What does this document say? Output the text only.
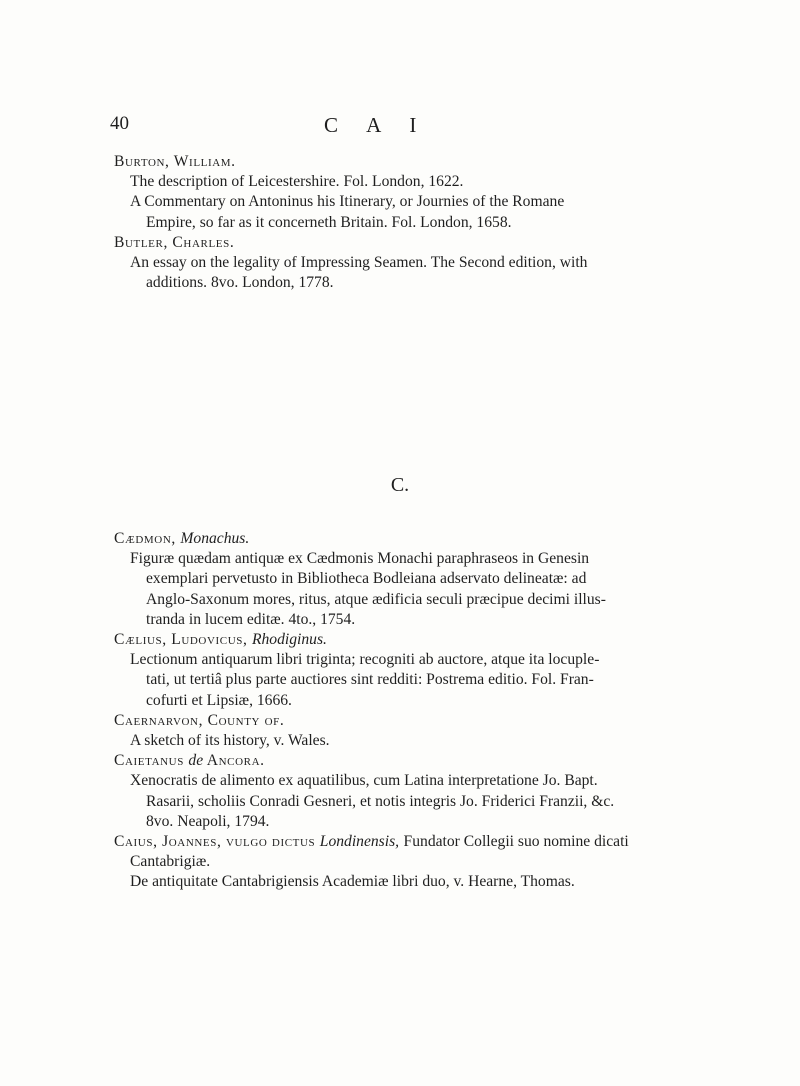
40	C A I
Burton, William.
The description of Leicestershire. Fol. London, 1622.
A Commentary on Antoninus his Itinerary, or Journies of the Romane
Empire, so far as it concerneth Britain. Fol. London, 1658.
Butler, Charles.
An essay on the legality of Impressing Seamen. The Second edition, with
additions. 8vo. London, 1778.
C.
Cædmon, Monachus.
Figuræ quædam antiquæ ex Cædmonis Monachi paraphraseos in Genesin
exemplari pervetusto in Bibliotheca Bodleiana adservato delineatæ: ad
Anglo-Saxonum mores, ritus, atque ædificia seculi præcipue decimi illus-
tranda in lucem editæ. 4to., 1754.
Cælius, Ludovicus, Rhodiginus.
Lectionum antiquarum libri triginta; recogniti ab auctore, atque ita locuple-
tati, ut tertiâ plus parte auctiores sint redditi: Postrema editio. Fol. Fran-
cofurti et Lipsiæ, 1666.
Caernarvon, County of.
A sketch of its history, v. Wales.
Caietanus de Ancora.
Xenocratis de alimento ex aquatilibus, cum Latina interpretatione Jo. Bapt.
Rasarii, scholiis Conradi Gesneri, et notis integris Jo. Friderici Franzii, &c.
8vo. Neapoli, 1794.
Caius, Joannes, vulgo dictus Londinensis, Fundator Collegii suo nomine dicati
Cantabrigiæ.
De antiquitate Cantabrigiensis Academiæ libri duo, v. Hearne, Thomas.
